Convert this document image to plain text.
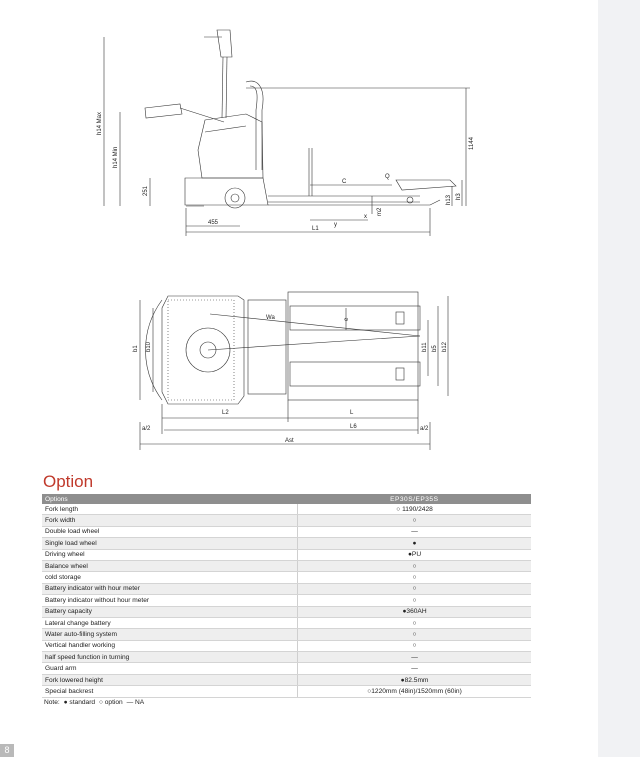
h14 Max
h14 Min
251
1144
C
Q
h13 h3
m2
x
y
455
L1
Wa
b1 b10
e
b11 b5 b12
L2	L
L6
a/2	a/2
Ast
Option
Options	EP30S/EP35S
Fork length	○ 1190/2428
Fork width	○
Double load wheel	—
Single load wheel	●
Driving wheel	●PU
Balance wheel	○
cold storage	○
Battery indicator with hour meter	○
Battery indicator without hour meter	○
Battery capacity	●360AH
Lateral change battery	○
Water auto-filling system	○
Vertical handler working	○
half speed function in turning	—
Guard arm	—
Fork lowered height	●82.5mm
Special backrest	○1220mm (48in)/1520mm (60in)
Note: ● standard ○ option — NA
8
